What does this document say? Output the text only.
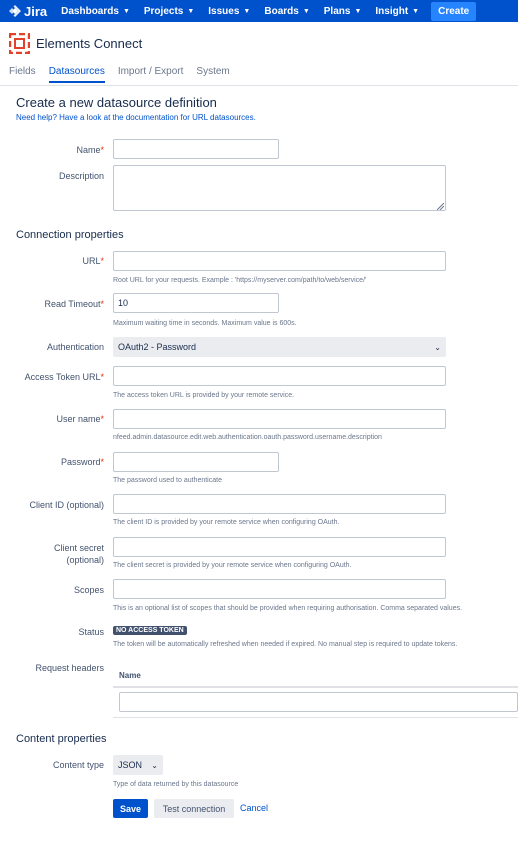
Jira Dashboards ▼ Projects ▼ Issues ▼ Boards ▼ Plans ▼ Insight ▼	Create
Elements Connect
Fields Datasources Import / Export System
Create a new datasource definition
Need help? Have a look at the documentation for URL datasources.
Name*
Description
Connection properties
URL*
Root URL for your requests. Example : 'https://myserver.com/path/to/web/service/'
Read Timeout*	10
Maximum waiting time in seconds. Maximum value is 600s.
Authentication OAuth2 - Password	⌄
Access Token URL*
The access token URL is provided by your remote service.
User name*
nfeed.admin.datasource.edit.web.authentication.oauth.password.username.description
Password*
The password used to authenticate
Client ID (optional)
The client ID is provided by your remote service when configuring OAuth.
Client secret
(optional)
The client secret is provided by your remote service when configuring OAuth.
Scopes
This is an optional list of scopes that should be provided when requiring authorisation. Comma separated values.
Status	NO ACCESS TOKEN
The token will be automatically refreshed when needed if expired. No manual step is required to update tokens.
Request headers
Name
Content properties
Content type JSON ⌄
Type of data returned by this datasource
Save	Test connection	Cancel
